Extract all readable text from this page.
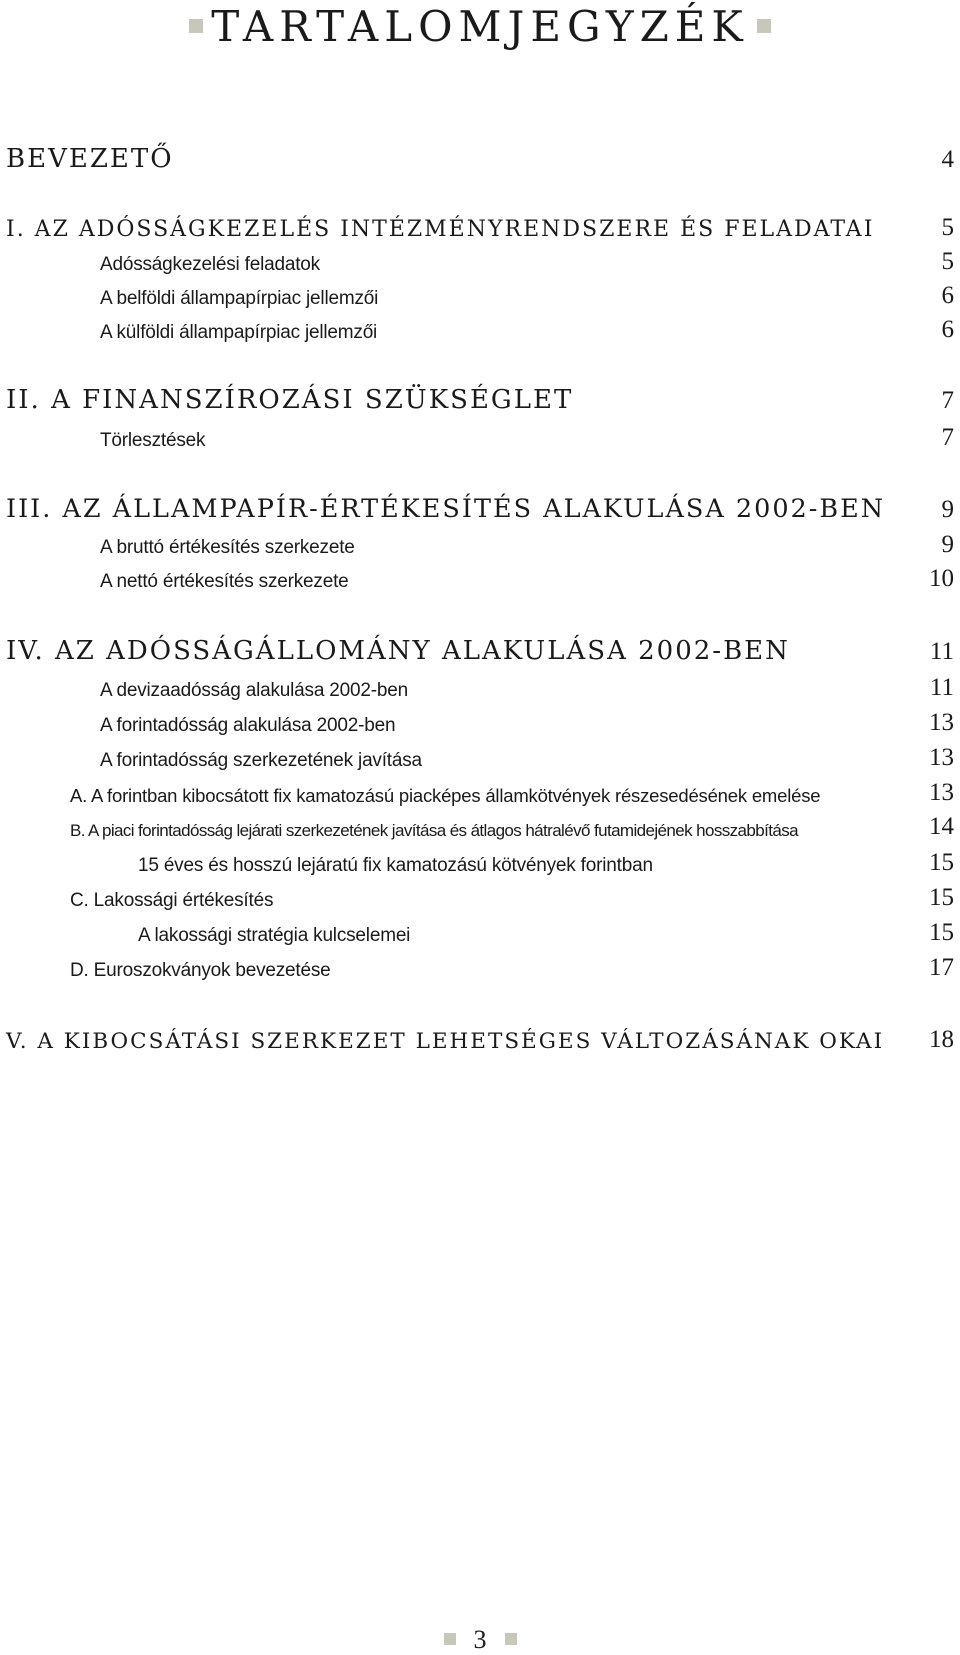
TARTALOMJEGYZÉK
BEVEZETŐ	4
I. AZ ADÓSSÁGKEZELÉS INTÉZMÉNYRENDSZERE ÉS FELADATAI	5
Adósságkezelési feladatok	5
A belföldi állampapírpiac jellemzői	6
A külföldi állampapírpiac jellemzői	6
II. A FINANSZÍROZÁSI SZÜKSÉGLET	7
Törlesztések	7
III. AZ ÁLLAMPAPÍR-ÉRTÉKESÍTÉS ALAKULÁSA 2002-BEN 9
A bruttó értékesítés szerkezete	9
A nettó értékesítés szerkezete	10
IV. AZ ADÓSSÁGÁLLOMÁNY ALAKULÁSA 2002-BEN	11
A devizaadósság alakulása 2002-ben	11
A forintadósság alakulása 2002-ben	13
A forintadósság szerkezetének javítása	13
A. A forintban kibocsátott fix kamatozású piacképes államkötvények részesedésének emelése	13
B. A piaci forintadósság lejárati szerkezetének javítása és átlagos hátralévő futamidejének hosszabbítása	14
15 éves és hosszú lejáratú fix kamatozású kötvények forintban	15
C. Lakossági értékesítés	15
A lakossági stratégia kulcselemei	15
D. Euroszokványok bevezetése	17
V. A KIBOCSÁTÁSI SZERKEZET LEHETSÉGES VÁLTOZÁSÁNAK OKAI 18
3
